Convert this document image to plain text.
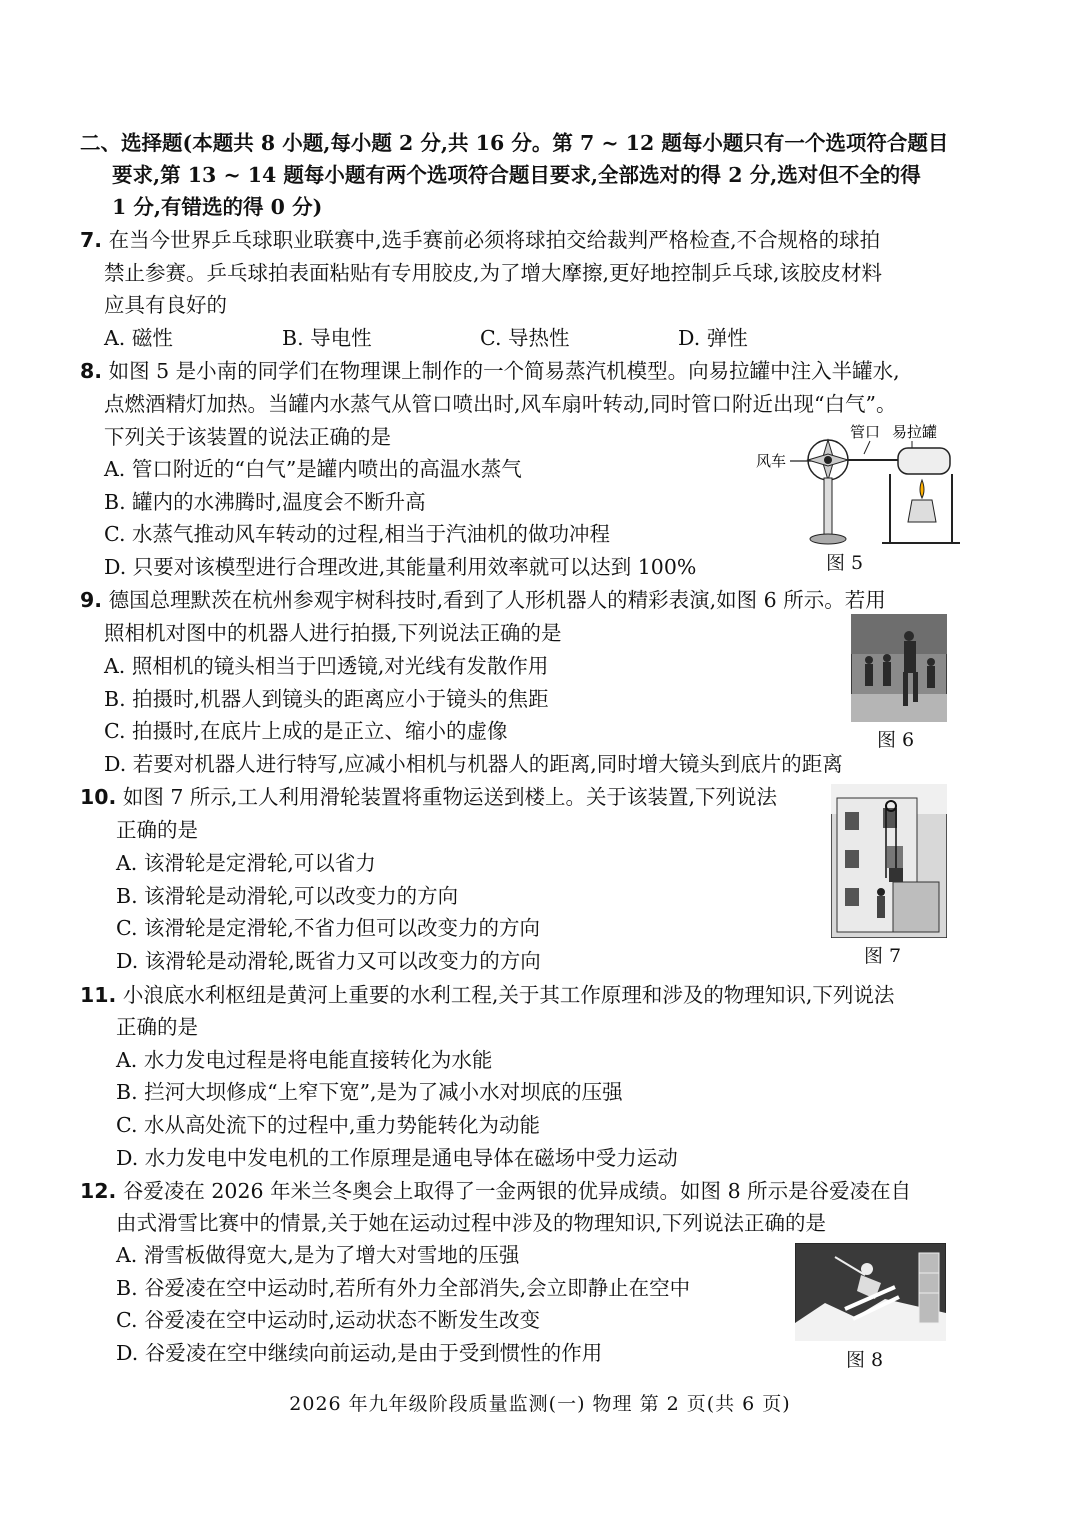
二、选择题(本题共 8 小题,每小题 2 分,共 16 分。第 7 ~ 12 题每小题只有一个选项符合题目
要求,第 13 ~ 14 题每小题有两个选项符合题目要求,全部选对的得 2 分,选对但不全的得
1 分,有错选的得 0 分)
7. 在当今世界乒乓球职业联赛中,选手赛前必须将球拍交给裁判严格检查,不合规格的球拍
禁止参赛。乒乓球拍表面粘贴有专用胶皮,为了增大摩擦,更好地控制乒乓球,该胶皮材料
应具有良好的
A. 磁性	B. 导电性	C. 导热性	D. 弹性
8. 如图 5 是小南的同学们在物理课上制作的一个简易蒸汽机模型。向易拉罐中注入半罐水,
点燃酒精灯加热。当罐内水蒸气从管口喷出时,风车扇叶转动,同时管口附近出现“白气”。
下列关于该装置的说法正确的是
A. 管口附近的“白气”是罐内喷出的高温水蒸气
B. 罐内的水沸腾时,温度会不断升高
C. 水蒸气推动风车转动的过程,相当于汽油机的做功冲程
D. 只要对该模型进行合理改进,其能量利用效率就可以达到 100%
管口 易拉罐
风车
图 5
9. 德国总理默茨在杭州参观宇树科技时,看到了人形机器人的精彩表演,如图 6 所示。若用
照相机对图中的机器人进行拍摄,下列说法正确的是
A. 照相机的镜头相当于凹透镜,对光线有发散作用
B. 拍摄时,机器人到镜头的距离应小于镜头的焦距
C. 拍摄时,在底片上成的是正立、缩小的虚像
D. 若要对机器人进行特写,应减小相机与机器人的距离,同时增大镜头到底片的距离
图 6
10. 如图 7 所示,工人利用滑轮装置将重物运送到楼上。关于该装置,下列说法
正确的是
A. 该滑轮是定滑轮,可以省力
B. 该滑轮是动滑轮,可以改变力的方向
C. 该滑轮是定滑轮,不省力但可以改变力的方向
D. 该滑轮是动滑轮,既省力又可以改变力的方向	图 7
11. 小浪底水利枢纽是黄河上重要的水利工程,关于其工作原理和涉及的物理知识,下列说法
正确的是
A. 水力发电过程是将电能直接转化为水能
B. 拦河大坝修成“上窄下宽”,是为了减小水对坝底的压强
C. 水从高处流下的过程中,重力势能转化为动能
D. 水力发电中发电机的工作原理是通电导体在磁场中受力运动
12. 谷爱凌在 2026 年米兰冬奥会上取得了一金两银的优异成绩。如图 8 所示是谷爱凌在自
由式滑雪比赛中的情景,关于她在运动过程中涉及的物理知识,下列说法正确的是
A. 滑雪板做得宽大,是为了增大对雪地的压强
B. 谷爱凌在空中运动时,若所有外力全部消失,会立即静止在空中
C. 谷爱凌在空中运动时,运动状态不断发生改变
D. 谷爱凌在空中继续向前运动,是由于受到惯性的作用	图 8
2026 年九年级阶段质量监测(一) 物理 第 2 页(共 6 页)
